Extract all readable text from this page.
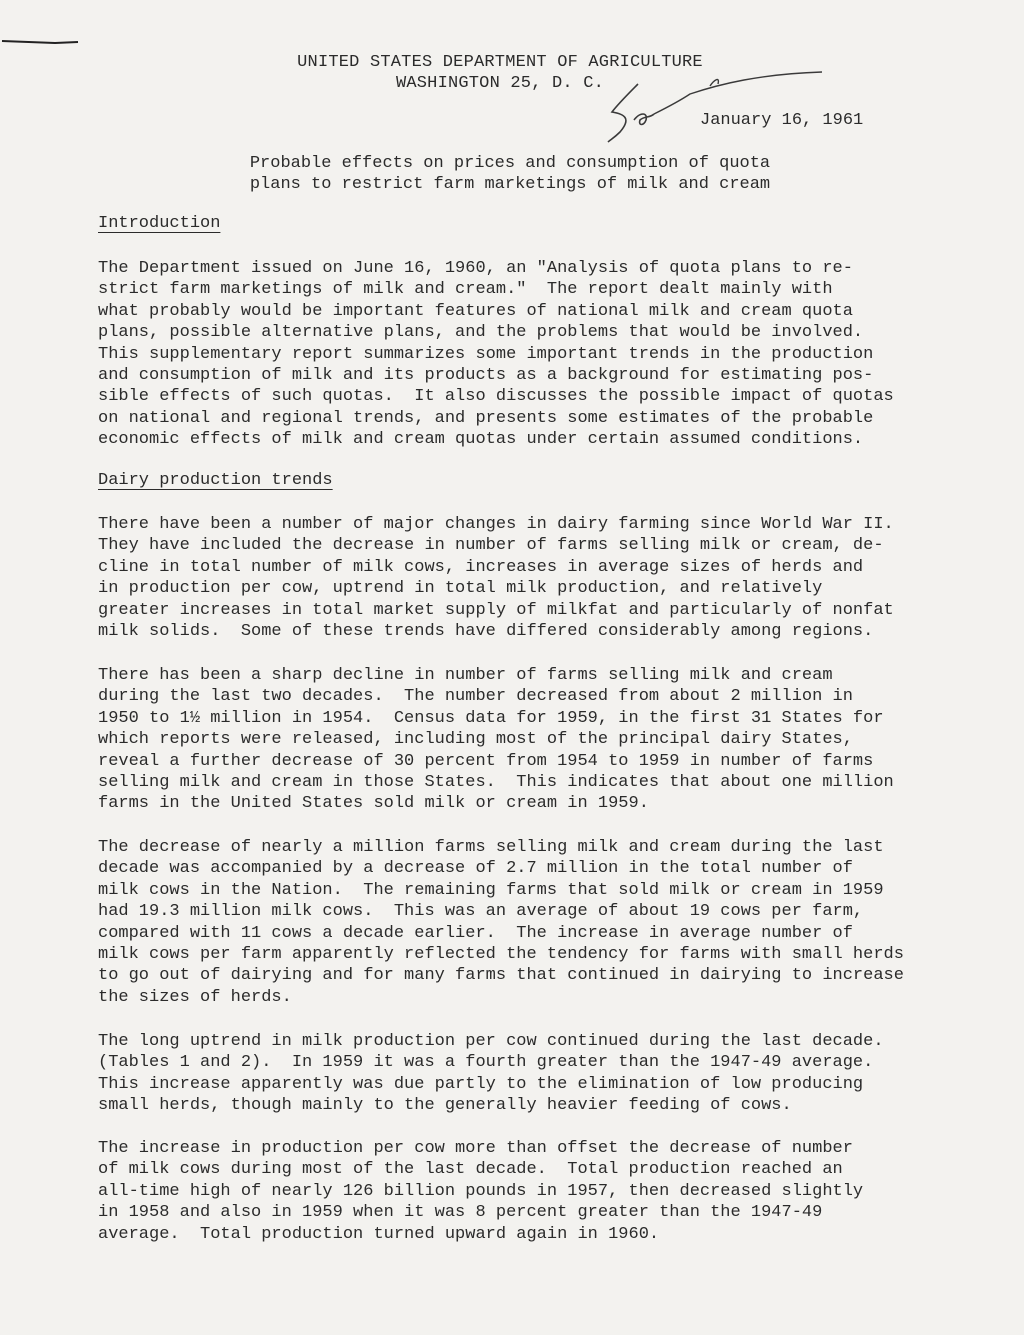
UNITED STATES DEPARTMENT OF AGRICULTURE
WASHINGTON 25, D. C.
January 16, 1961
Probable effects on prices and consumption of quota
plans to restrict farm marketings of milk and cream
Introduction
The Department issued on June 16, 1960, an "Analysis of quota plans to re-
strict farm marketings of milk and cream."  The report dealt mainly with
what probably would be important features of national milk and cream quota
plans, possible alternative plans, and the problems that would be involved.
This supplementary report summarizes some important trends in the production
and consumption of milk and its products as a background for estimating pos-
sible effects of such quotas.  It also discusses the possible impact of quotas
on national and regional trends, and presents some estimates of the probable
economic effects of milk and cream quotas under certain assumed conditions.
Dairy production trends
There have been a number of major changes in dairy farming since World War II.
They have included the decrease in number of farms selling milk or cream, de-
cline in total number of milk cows, increases in average sizes of herds and
in production per cow, uptrend in total milk production, and relatively
greater increases in total market supply of milkfat and particularly of nonfat
milk solids.  Some of these trends have differed considerably among regions.
There has been a sharp decline in number of farms selling milk and cream
during the last two decades.  The number decreased from about 2 million in
1950 to 1½ million in 1954.  Census data for 1959, in the first 31 States for
which reports were released, including most of the principal dairy States,
reveal a further decrease of 30 percent from 1954 to 1959 in number of farms
selling milk and cream in those States.  This indicates that about one million
farms in the United States sold milk or cream in 1959.
The decrease of nearly a million farms selling milk and cream during the last
decade was accompanied by a decrease of 2.7 million in the total number of
milk cows in the Nation.  The remaining farms that sold milk or cream in 1959
had 19.3 million milk cows.  This was an average of about 19 cows per farm,
compared with 11 cows a decade earlier.  The increase in average number of
milk cows per farm apparently reflected the tendency for farms with small herds
to go out of dairying and for many farms that continued in dairying to increase
the sizes of herds.
The long uptrend in milk production per cow continued during the last decade.
(Tables 1 and 2).  In 1959 it was a fourth greater than the 1947-49 average.
This increase apparently was due partly to the elimination of low producing
small herds, though mainly to the generally heavier feeding of cows.
The increase in production per cow more than offset the decrease of number
of milk cows during most of the last decade.  Total production reached an
all-time high of nearly 126 billion pounds in 1957, then decreased slightly
in 1958 and also in 1959 when it was 8 percent greater than the 1947-49
average.  Total production turned upward again in 1960.
